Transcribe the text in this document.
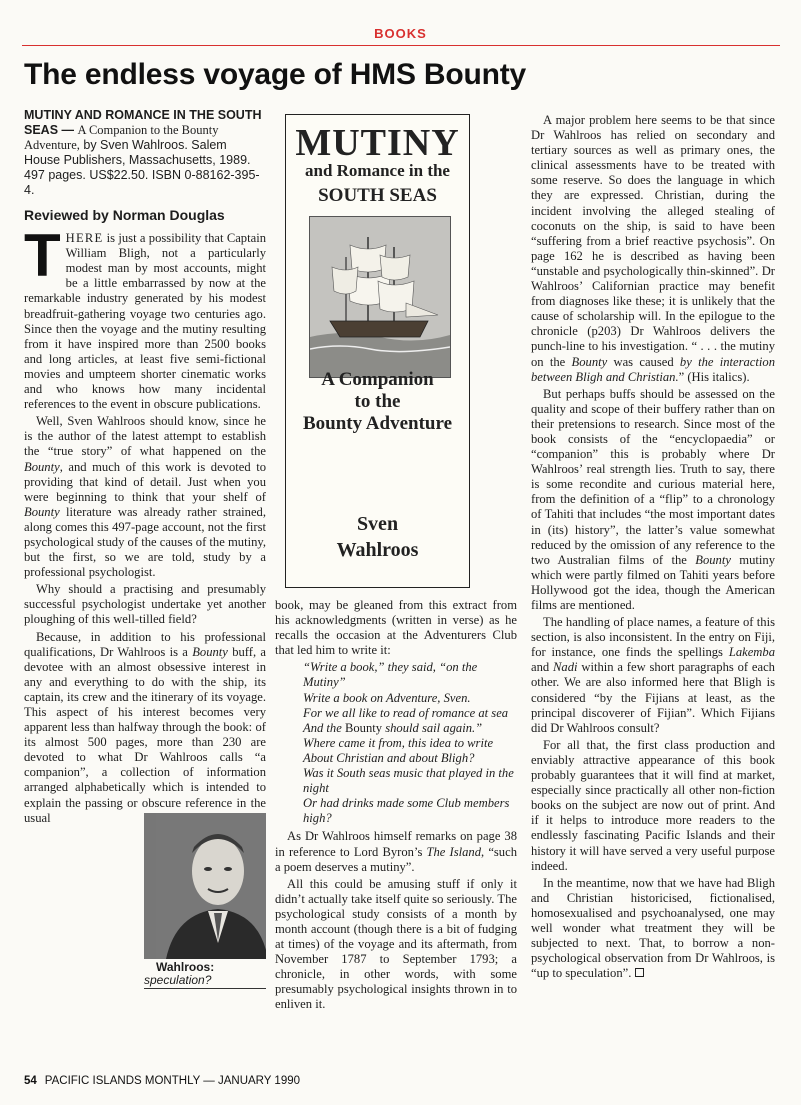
BOOKS
The endless voyage of HMS Bounty
MUTINY AND ROMANCE IN THE SOUTH SEAS — A Companion to the Bounty Adventure, by Sven Wahlroos. Salem House Publishers, Massachusetts, 1989. 497 pages. US$22.50. ISBN 0-88162-395-4.
Reviewed by Norman Douglas

THERE is just a possibility that Captain William Bligh, not a particularly modest man by most accounts, might be a little embarrassed by now at the remarkable industry generated by his modest breadfruit-gathering voyage two centuries ago. Since then the voyage and the mutiny resulting from it have inspired more than 2500 books and long articles, at least five semi-fictional movies and umpteem shorter cinematic works and who knows how many incidental references to the event in obscure publications.

Well, Sven Wahlroos should know, since he is the author of the latest attempt to establish the “true story” of what happened on the Bounty, and much of this work is devoted to providing that kind of detail. Just when you were beginning to think that your shelf of Bounty literature was already rather strained, along comes this 497-page account, not the first psychological study of the causes of the mutiny, but the first, so we are told, study by a professional psychologist.

Why should a practising and presumably successful psychologist undertake yet another ploughing of this well-tilled field?

Because, in addition to his professional qualifications, Dr Wahlroos is a Bounty buff, a devotee with an almost obsessive interest in any and everything to do with the ship, its captain, its crew and the itinerary of its voyage. This aspect of his interest becomes very apparent less than halfway through the book: of its almost 500 pages, more than 230 are devoted to what Dr Wahlroos calls “a companion”, a collection of information arranged alphabetically which is intended to explain the passing or obscure reference in the usual
Wahlroos: speculation?

MUTINY
and Romance in the
SOUTH SEAS
A Companion
to the
Bounty Adventure
Sven
Wahlroos

book, may be gleaned from this extract from his acknowledgments (written in verse) as he recalls the occasion at the Adventurers Club that led him to write it:

“Write a book,” they said, “on the Mutiny”
Write a book on Adventure, Sven.
For we all like to read of romance at sea
And the Bounty should sail again.”
Where came it from, this idea to write
About Christian and about Bligh?
Was it South seas music that played in the night
Or had drinks made some Club members high?

As Dr Wahlroos himself remarks on page 38 in reference to Lord Byron’s The Island, “such a poem deserves a mutiny”.

All this could be amusing stuff if only it didn’t actually take itself quite so seriously. The psychological study consists of a month by month account (though there is a bit of fudging at times) of the voyage and its aftermath, from November 1787 to September 1793; a chronicle, in other words, with some presumably psychological insights thrown in to enliven it.

A major problem here seems to be that since Dr Wahlroos has relied on secondary and tertiary sources as well as primary ones, the clinical assessments have to be treated with some reserve. So does the language in which they are expressed. Christian, during the incident involving the alleged stealing of coconuts on the ship, is said to have been “suffering from a brief reactive psychosis”. On page 162 he is described as having been “unstable and psychologically thin-skinned”. Dr Wahlroos’ Californian practice may benefit from diagnoses like these; it is unlikely that the cause of scholarship will. In the epilogue to the chronicle (p203) Dr Wahlroos delivers the punch-line to his investigation. “ . . . the mutiny on the Bounty was caused by the interaction between Bligh and Christian.” (His italics).

But perhaps buffs should be assessed on the quality and scope of their buffery rather than on their pretensions to research. Since most of the book consists of the “encyclopaedia” or “companion” this is probably where Dr Wahlroos’ real strength lies. Truth to say, there is some recondite and curious material here, from the definition of a “flip” to a chronology of Tahiti that includes “the most important dates in (its) history”, the latter’s value somewhat reduced by the omission of any reference to the two Australian films of the Bounty mutiny which were partly filmed on Tahiti years before Hollywood got the idea, though the American films are mentioned.

The handling of place names, a feature of this section, is also inconsistent. In the entry on Fiji, for instance, one finds the spellings Lakemba and Nadi within a few short paragraphs of each other. We are also informed here that Bligh is considered “by the Fijians at least, as the principal discoverer of Fijian”. Which Fijians did Dr Wahlroos consult?

For all that, the first class production and enviably attractive appearance of this book probably guarantees that it will find at market, especially since practically all other non-fiction books on the subject are now out of print. And if it helps to introduce more readers to the endlessly fascinating Pacific Islands and their history it will have served a very useful purpose indeed.

In the meantime, now that we have had Bligh and Christian historicised, fictionalised, homosexualised and psychoanalysed, one may well wonder what treatment they will be subjected to next. That, to borrow a non-psychological observation from Dr Wahlroos, is “up to speculation”.

54 PACIFIC ISLANDS MONTHLY — JANUARY 1990
